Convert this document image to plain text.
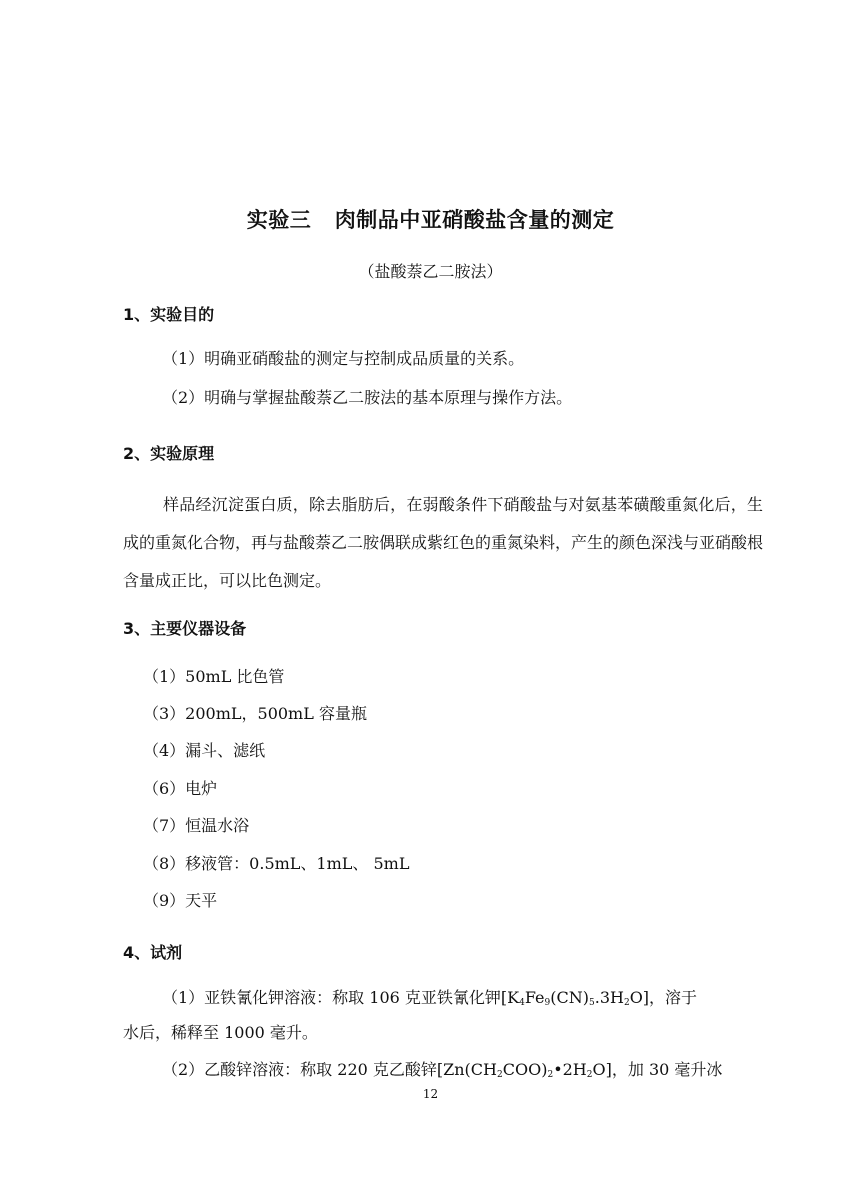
实验三   肉制品中亚硝酸盐含量的测定
（盐酸萘乙二胺法）
1、实验目的
（1）明确亚硝酸盐的测定与控制成品质量的关系。
（2）明确与掌握盐酸萘乙二胺法的基本原理与操作方法。
2、实验原理
样品经沉淀蛋白质，除去脂肪后，在弱酸条件下硝酸盐与对氨基苯磺酸重氮化后，生成的重氮化合物，再与盐酸萘乙二胺偶联成紫红色的重氮染料，产生的颜色深浅与亚硝酸根含量成正比，可以比色测定。
3、主要仪器设备
（1）50mL 比色管
（3）200mL，500mL 容量瓶
（4）漏斗、滤纸
（6）电炉
（7）恒温水浴
（8）移液管：0.5mL、1mL、 5mL
（9）天平
4、试剂
（1）亚铁氰化钾溶液：称取 106 克亚铁氰化钾$[K_4Fe_9(CN)_5.3H_2O]$，溶于
水后，稀释至 1000 毫升。
（2）乙酸锌溶液：称取 220 克乙酸锌$[Zn(CH_2COO)_2•2H_2O]$，加 30 毫升冰
12
